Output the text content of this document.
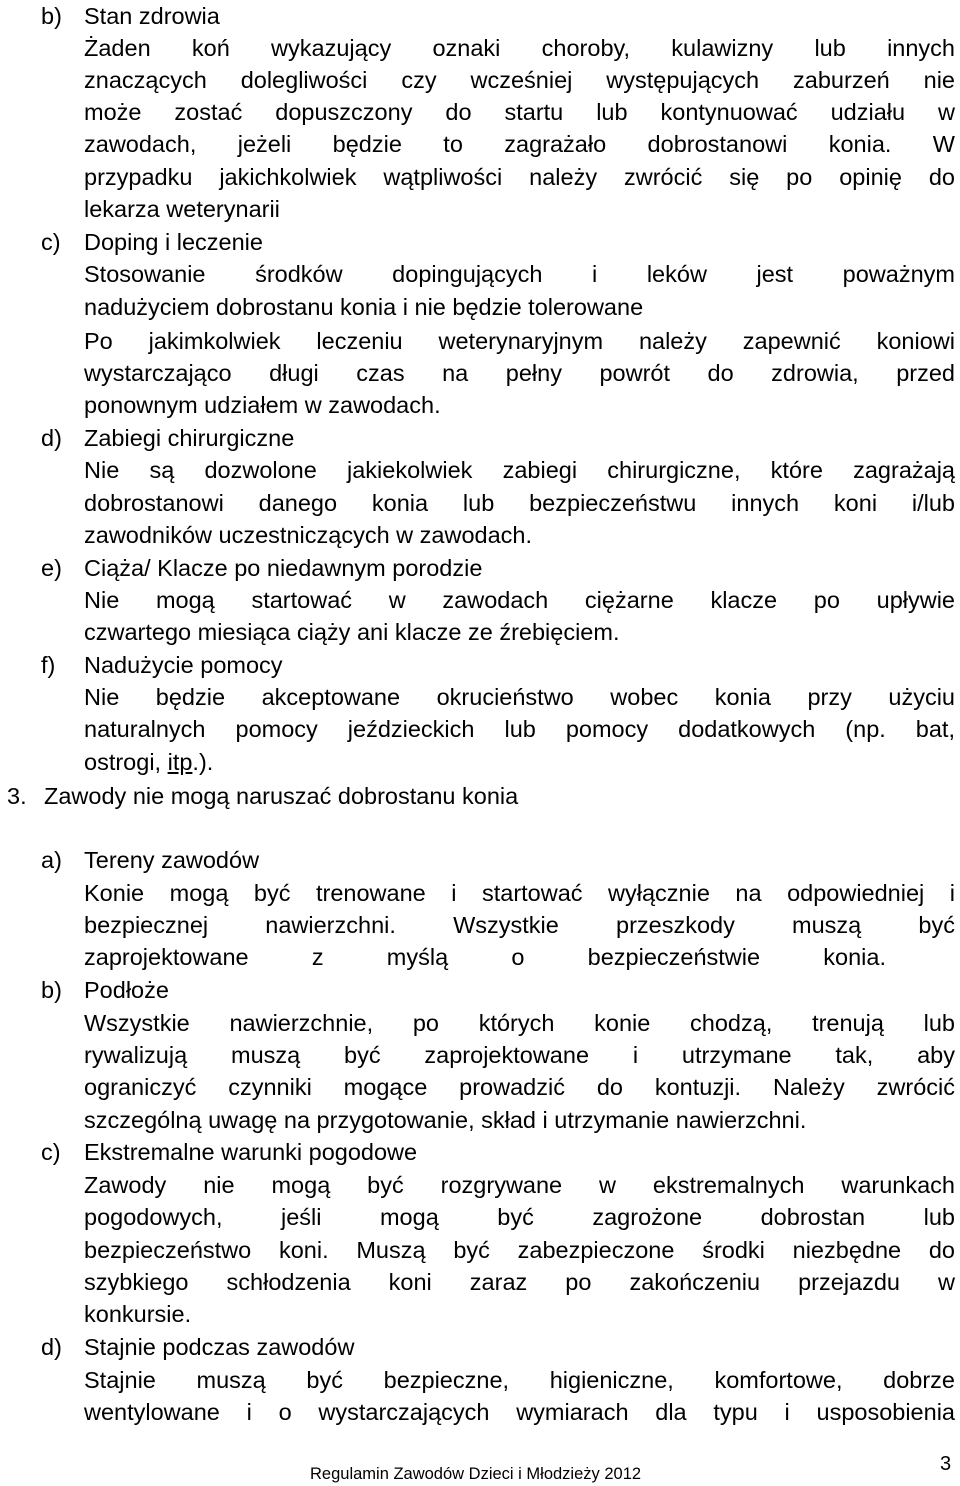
b) Stan zdrowia
Żaden koń wykazujący oznaki choroby, kulawizny lub innych
znaczących dolegliwości czy wcześniej występujących zaburzeń nie
może zostać dopuszczony do startu lub kontynuować udziału w
zawodach, jeżeli będzie to zagrażało dobrostanowi konia. W
przypadku jakichkolwiek wątpliwości należy zwrócić się po opinię do
lekarza weterynarii
c) Doping i leczenie
Stosowanie środków dopingujących i leków jest poważnym
nadużyciem dobrostanu konia i nie będzie tolerowane
Po jakimkolwiek leczeniu weterynaryjnym należy zapewnić koniowi
wystarczająco długi czas na pełny powrót do zdrowia, przed
ponownym udziałem w zawodach.
d) Zabiegi chirurgiczne
Nie są dozwolone jakiekolwiek zabiegi chirurgiczne, które zagrażają
dobrostanowi danego konia lub bezpieczeństwu innych koni i/lub
zawodników uczestniczących w zawodach.
e) Ciąża/ Klacze po niedawnym porodzie
Nie mogą startować w zawodach ciężarne klacze po upływie
czwartego miesiąca ciąży ani klacze ze źrebięciem.
f) Nadużycie pomocy
Nie będzie akceptowane okrucieństwo wobec konia przy użyciu
naturalnych pomocy jeździeckich lub pomocy dodatkowych (np. bat,
ostrogi, itp.).
3. Zawody nie mogą naruszać dobrostanu konia
a) Tereny zawodów
Konie mogą być trenowane i startować wyłącznie na odpowiedniej i
bezpiecznej nawierzchni. Wszystkie przeszkody muszą być
zaprojektowane z myślą o bezpieczeństwie konia.
b) Podłoże
Wszystkie nawierzchnie, po których konie chodzą, trenują lub
rywalizują muszą być zaprojektowane i utrzymane tak, aby
ograniczyć czynniki mogące prowadzić do kontuzji. Należy zwrócić
szczególną uwagę na przygotowanie, skład i utrzymanie nawierzchni.
c) Ekstremalne warunki pogodowe
Zawody nie mogą być rozgrywane w ekstremalnych warunkach
pogodowych, jeśli mogą być zagrożone dobrostan lub
bezpieczeństwo koni. Muszą być zabezpieczone środki niezbędne do
szybkiego schłodzenia koni zaraz po zakończeniu przejazdu w
konkursie.
d) Stajnie podczas zawodów
Stajnie muszą być bezpieczne, higieniczne, komfortowe, dobrze
wentylowane i o wystarczających wymiarach dla typu i usposobienia
Regulamin Zawodów Dzieci i Młodzieży 2012	3
